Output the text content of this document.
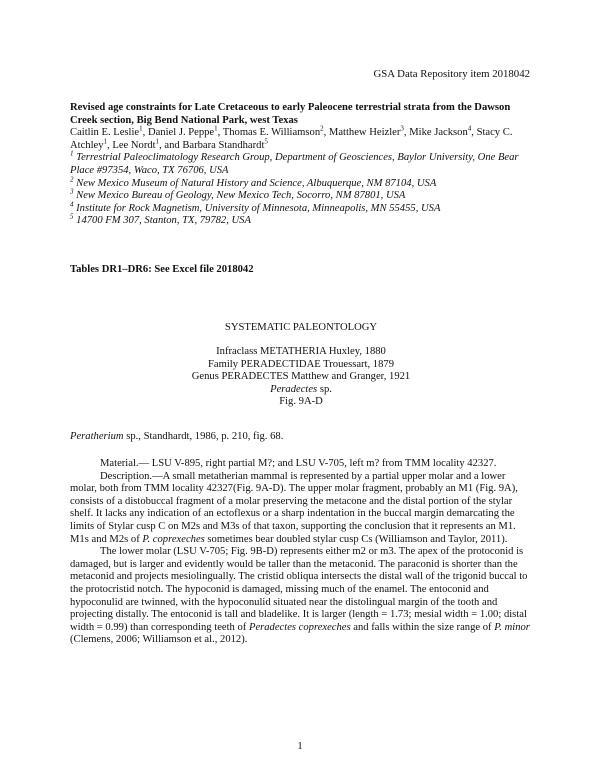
GSA Data Repository item 2018042

Revised age constraints for Late Cretaceous to early Paleocene terrestrial strata from the Dawson Creek section, Big Bend National Park, west Texas

Caitlin E. Leslie$^1$, Daniel J. Peppe$^1$, Thomas E. Williamson$^2$, Matthew Heizler$^3$, Mike Jackson$^4$, Stacy C. Atchley$^1$, Lee Nordt$^1$, and Barbara Standhardt$^5$

$^1$ Terrestrial Paleoclimatology Research Group, Department of Geosciences, Baylor University, One Bear Place #97354, Waco, TX 76706, USA

$^2$ New Mexico Museum of Natural History and Science, Albuquerque, NM 87104, USA

$^3$ New Mexico Bureau of Geology, New Mexico Tech, Socorro, NM 87801, USA

$^4$ Institute for Rock Magnetism, University of Minnesota, Minneapolis, MN 55455, USA

$^5$ 14700 FM 307, Stanton, TX, 79782, USA

Tables DR1–DR6: See Excel file 2018042
SYSTEMATIC PALEONTOLOGY
Infraclass METATHERIA Huxley, 1880
Family PERADECTIDAE Trouessart, 1879
Genus PERADECTES Matthew and Granger, 1921
Peradectes sp.
Fig. 9A-D
Peratherium sp., Standhardt, 1986, p. 210, fig. 68.

Material.— LSU V-895, right partial M?; and LSU V-705, left m? from TMM locality 42327.

Description.—A small metatherian mammal is represented by a partial upper molar and a lower molar, both from TMM locality 42327(Fig. 9A-D). The upper molar fragment, probably an M1 (Fig. 9A), consists of a distobuccal fragment of a molar preserving the metacone and the distal portion of the stylar shelf. It lacks any indication of an ectoflexus or a sharp indentation in the buccal margin demarcating the limits of Stylar cusp C on M2s and M3s of that taxon, supporting the conclusion that it represents an M1. M1s and M2s of P. coprexeches sometimes bear doubled stylar cusp Cs (Williamson and Taylor, 2011).

The lower molar (LSU V-705; Fig. 9B-D) represents either m2 or m3. The apex of the protoconid is damaged, but is larger and evidently would be taller than the metaconid. The paraconid is shorter than the metaconid and projects mesiolingually. The cristid obliqua intersects the distal wall of the trigonid buccal to the protocristid notch. The hypoconid is damaged, missing much of the enamel. The entoconid and hypoconulid are twinned, with the hypoconulid situated near the distolingual margin of the tooth and projecting distally. The entoconid is tall and bladelike. It is larger (length = 1.73; mesial width = 1.00; distal width = 0.99) than corresponding teeth of Peradectes coprexeches and falls within the size range of P. minor (Clemens, 2006; Williamson et al., 2012).

1
